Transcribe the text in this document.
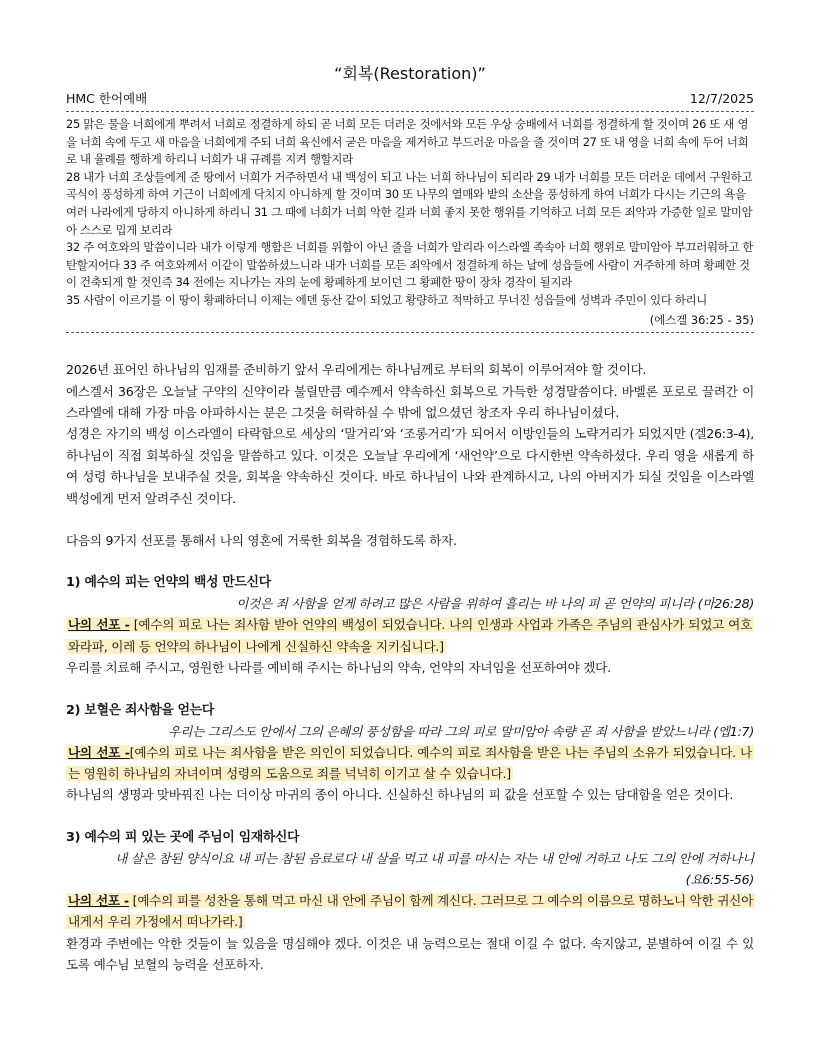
“회복(Restoration)”
HMC 한어예배	12/7/2025

25 맑은 물을 너희에게 뿌려서 너희로 정결하게 하되 곧 너희 모든 더러운 것에서와 모든 우상 숭배에서 너희를 정결하게 할 것이며 26 또 새 영을 너희 속에 두고 새 마음을 너희에게 주되 너희 육신에서 굳은 마음을 제거하고 부드러운 마음을 줄 것이며 27 또 내 영을 너희 속에 두어 너희로 내 율례를 행하게 하리니 너희가 내 규례를 지켜 행할지라

28 내가 너희 조상들에게 준 땅에서 너희가 거주하면서 내 백성이 되고 나는 너희 하나님이 되리라 29 내가 너희를 모든 더러운 데에서 구원하고 곡식이 풍성하게 하여 기근이 너희에게 닥치지 아니하게 할 것이며 30 또 나무의 열매와 밭의 소산을 풍성하게 하여 너희가 다시는 기근의 욕을 여러 나라에게 당하지 아니하게 하리니 31 그 때에 너희가 너희 악한 길과 너희 좋지 못한 행위를 기억하고 너희 모든 죄악과 가증한 일로 말미암아 스스로 밉게 보리라

32 주 여호와의 말씀이니라 내가 이렇게 행함은 너희를 위함이 아닌 줄을 너희가 알리라 이스라엘 족속아 너희 행위로 말미암아 부끄러워하고 한탄할지어다 33 주 여호와께서 이같이 말씀하셨느니라 내가 너희를 모든 죄악에서 정결하게 하는 날에 성읍들에 사람이 거주하게 하며 황폐한 것이 건축되게 할 것인즉 34 전에는 지나가는 자의 눈에 황폐하게 보이던 그 황폐한 땅이 장차 경작이 될지라

35 사람이 이르기를 이 땅이 황폐하더니 이제는 에덴 동산 같이 되었고 황량하고 적막하고 무너진 성읍들에 성벽과 주민이 있다 하리니

(에스겔 36:25 - 35)

2026년 표어인 하나님의 임재를 준비하기 앞서 우리에게는 하나님께로 부터의 회복이 이루어져야 할 것이다.

에스겔서 36장은 오늘날 구약의 신약이라 불릴만큼 예수께서 약속하신 회복으로 가득한 성경말씀이다. 바벨론 포로로 끌려간 이스라엘에 대해 가장 마음 아파하시는 분은 그것을 허락하실 수 밖에 없으셨던 창조자 우리 하나님이셨다.

성경은 자기의 백성 이스라엘이 타락함으로 세상의 ‘말거리’와 ‘조롱거리’가 되어서 이방인들의 노략거리가 되었지만 (겔26:3-4), 하나님이 직접 회복하실 것임을 말씀하고 있다. 이것은 오늘날 우리에게 ‘새언약’으로 다시한번 약속하셨다. 우리 영을 새롭게 하여 성령 하나님을 보내주실 것을, 회복을 약속하신 것이다. 바로 하나님이 나와 관계하시고, 나의 아버지가 되실 것임을 이스라엘 백성에게 먼저 알려주신 것이다.

다음의 9가지 선포를 통해서 나의 영혼에 거룩한 회복을 경험하도록 하자.

1) 예수의 피는 언약의 백성 만드신다
이것은 죄 사함을 얻게 하려고 많은 사람을 위하여 흘리는 바 나의 피 곧 언약의 피니라 (마26:28)

나의 선포 - [예수의 피로 나는 죄사함 받아 언약의 백성이 되었습니다. 나의 인생과 사업과 가족은 주님의 관심사가 되었고 여호와라파, 이레 등 언약의 하나님이 나에게 신실하신 약속을 지키십니다.]

우리를 치료해 주시고, 영원한 나라를 예비해 주시는 하나님의 약속, 언약의 자녀임을 선포하여야 겠다.

2) 보혈은 죄사함을 얻는다
우리는 그리스도 안에서 그의 은혜의 풍성함을 따라 그의 피로 말미암아 속량 곧 죄 사함을 받았느니라 (엡1:7)

나의 선포 -[예수의 피로 나는 죄사함을 받은 의인이 되었습니다. 예수의 피로 죄사함을 받은 나는 주님의 소유가 되었습니다. 나는 영원히 하나님의 자녀이며 성령의 도움으로 죄를 넉넉히 이기고 살 수 있습니다.]

하나님의 생명과 맞바꿔진 나는 더이상 마귀의 종이 아니다. 신실하신 하나님의 피 값을 선포할 수 있는 담대함을 얻은 것이다.

3) 예수의 피 있는 곳에 주님이 임재하신다
내 살은 참된 양식이요 내 피는 참된 음료로다 내 살을 먹고 내 피를 마시는 자는 내 안에 거하고 나도 그의 안에 거하나니
(요6:55-56)

나의 선포 - [예수의 피를 성찬을 통해 먹고 마신 내 안에 주님이 함께 계신다. 그러므로 그 예수의 이름으로 명하노니 악한 귀신아 내게서 우리 가정에서 떠나가라.]

환경과 주변에는 악한 것들이 늘 있음을 명심해야 겠다. 이것은 내 능력으로는 절대 이길 수 없다. 속지않고, 분별하여 이길 수 있도록 예수님 보혈의 능력을 선포하자.
